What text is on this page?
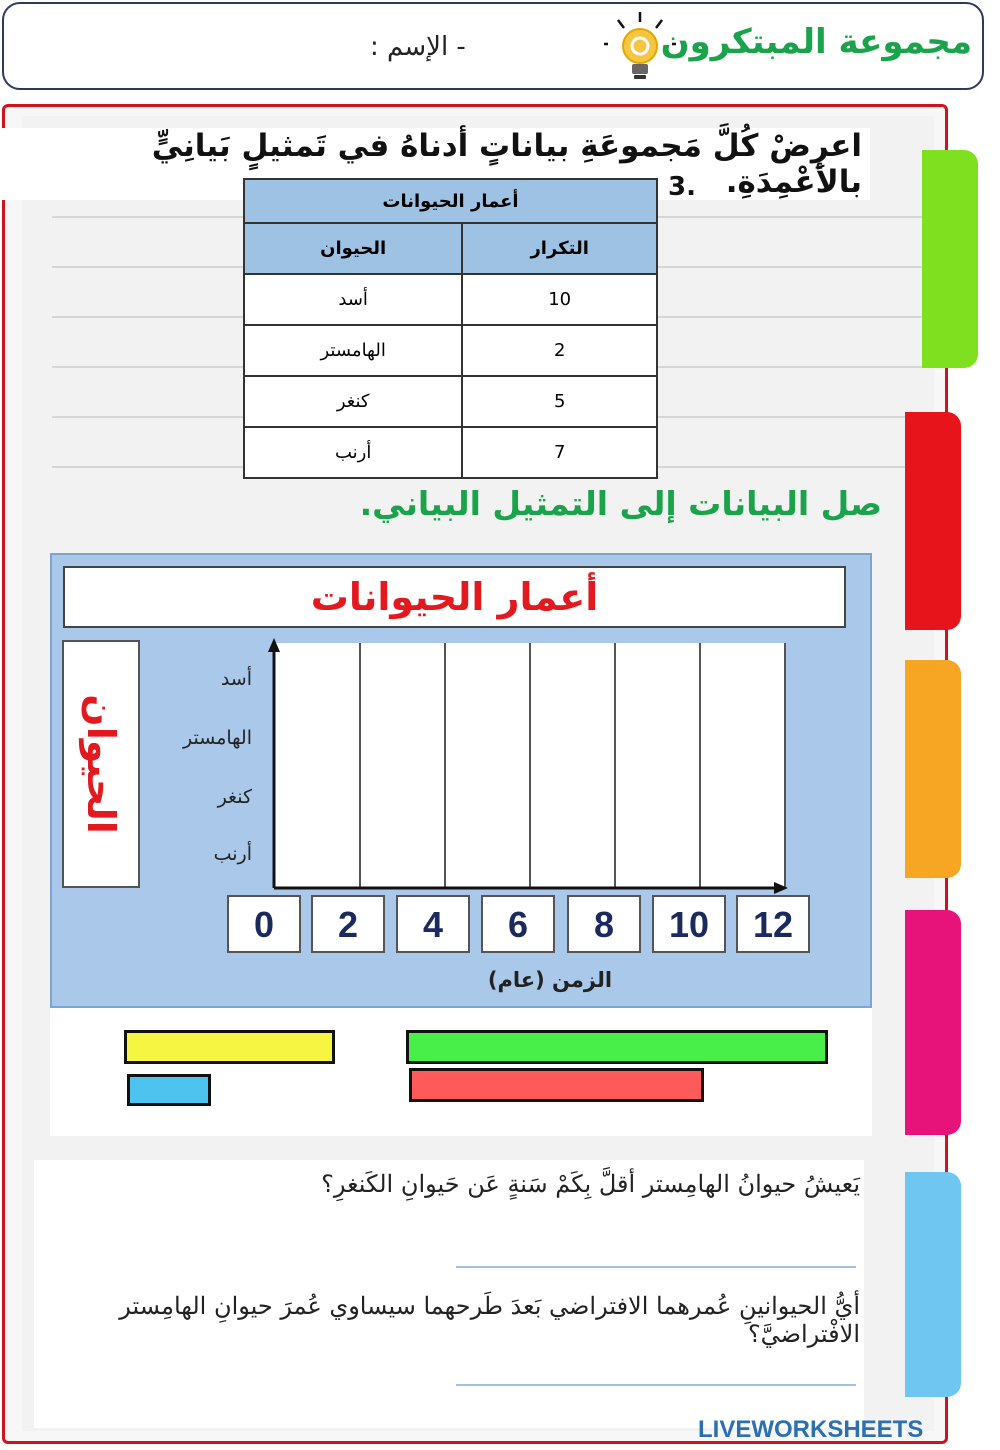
مجموعة المبتكرون
- الإسم :
اعرِضْ كُلَّ مَجموعَةِ بياناتٍ أدناهُ في تَمثيلٍ بَيانِيٍّ بالأعْمِدَةِ.
3.
أعمار الحيوانات	
التكرار	الحيوان
10	أسد
2	الهامستر
5	كنغر
7	أرنب
صل البيانات إلى التمثيل البياني.
أعمار الحيوانات
الحيوان
أسد
الهامستر
كنغر
أرنب
0	2	4	6	8	10	12
الزمن (عام)
يَعيشُ حيوانُ الهامِستر أقلَّ بِكَمْ سَنةٍ عَن حَيوانِ الكَنغرِ؟
أيُّ الحيوانينِ عُمرهما الافتراضي بَعدَ طَرحهما سيساوي عُمرَ حيوانِ الهامِستر الافْتراضيَّ؟
LIVEWORKSHEETS
